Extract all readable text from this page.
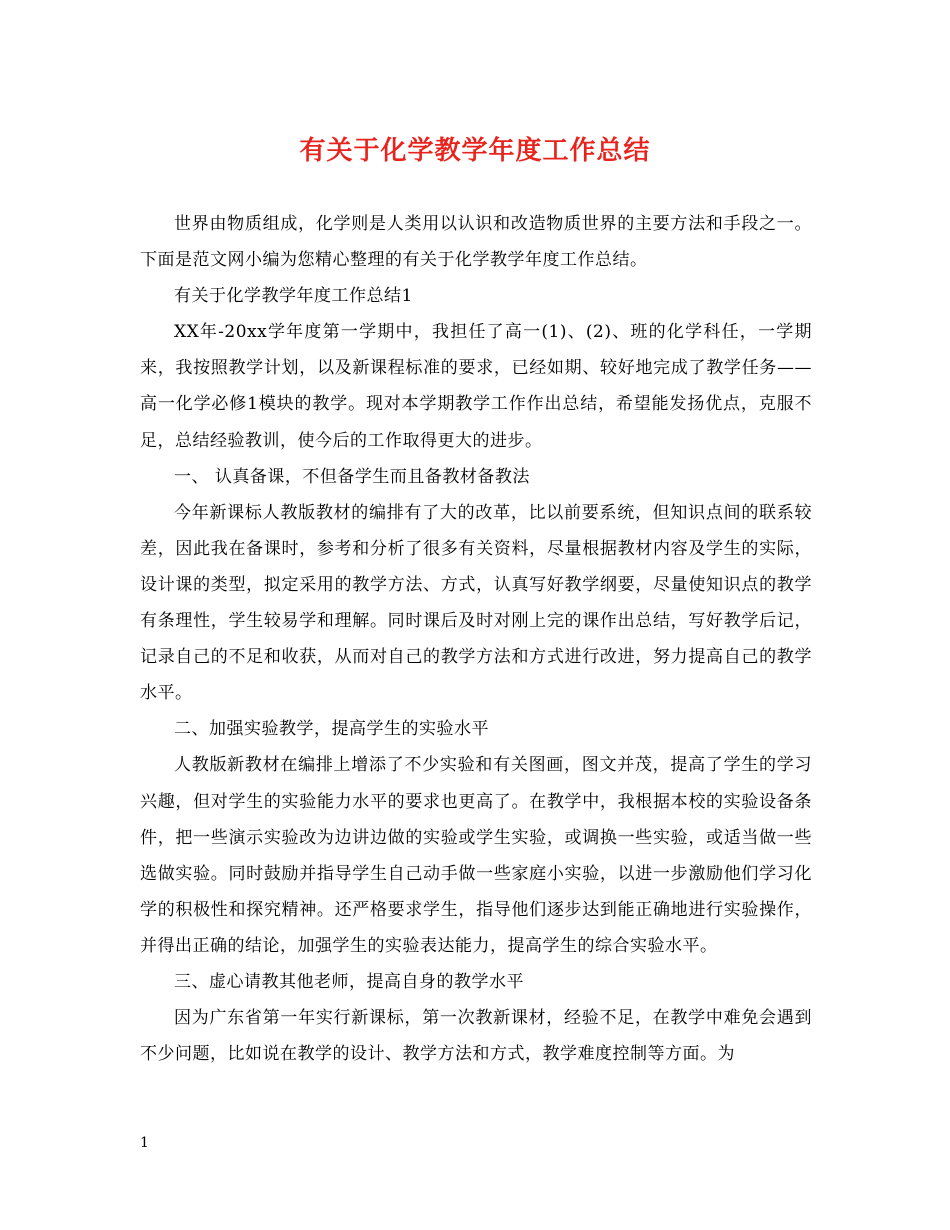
有关于化学教学年度工作总结

世界由物质组成，化学则是人类用以认识和改造物质世界的主要方法和手段之一。下面是范文网小编为您精心整理的有关于化学教学年度工作总结。

有关于化学教学年度工作总结1

XX年-20xx学年度第一学期中，我担任了高一(1)、(2)、班的化学科任，一学期来，我按照教学计划，以及新课程标准的要求，已经如期、较好地完成了教学任务——高一化学必修1模块的教学。现对本学期教学工作作出总结，希望能发扬优点，克服不足，总结经验教训，使今后的工作取得更大的进步。

一、 认真备课，不但备学生而且备教材备教法

今年新课标人教版教材的编排有了大的改革，比以前要系统，但知识点间的联系较差，因此我在备课时，参考和分析了很多有关资料，尽量根据教材内容及学生的实际，设计课的类型，拟定采用的教学方法、方式，认真写好教学纲要，尽量使知识点的教学有条理性，学生较易学和理解。同时课后及时对刚上完的课作出总结，写好教学后记，记录自己的不足和收获，从而对自己的教学方法和方式进行改进，努力提高自己的教学水平。

二、加强实验教学，提高学生的实验水平

人教版新教材在编排上增添了不少实验和有关图画，图文并茂，提高了学生的学习兴趣，但对学生的实验能力水平的要求也更高了。在教学中，我根据本校的实验设备条件，把一些演示实验改为边讲边做的实验或学生实验，或调换一些实验，或适当做一些选做实验。同时鼓励并指导学生自己动手做一些家庭小实验，以进一步激励他们学习化学的积极性和探究精神。还严格要求学生，指导他们逐步达到能正确地进行实验操作，并得出正确的结论，加强学生的实验表达能力，提高学生的综合实验水平。

三、虚心请教其他老师，提高自身的教学水平

因为广东省第一年实行新课标，第一次教新课材，经验不足，在教学中难免会遇到不少问题，比如说在教学的设计、教学方法和方式，教学难度控制等方面。为

1
